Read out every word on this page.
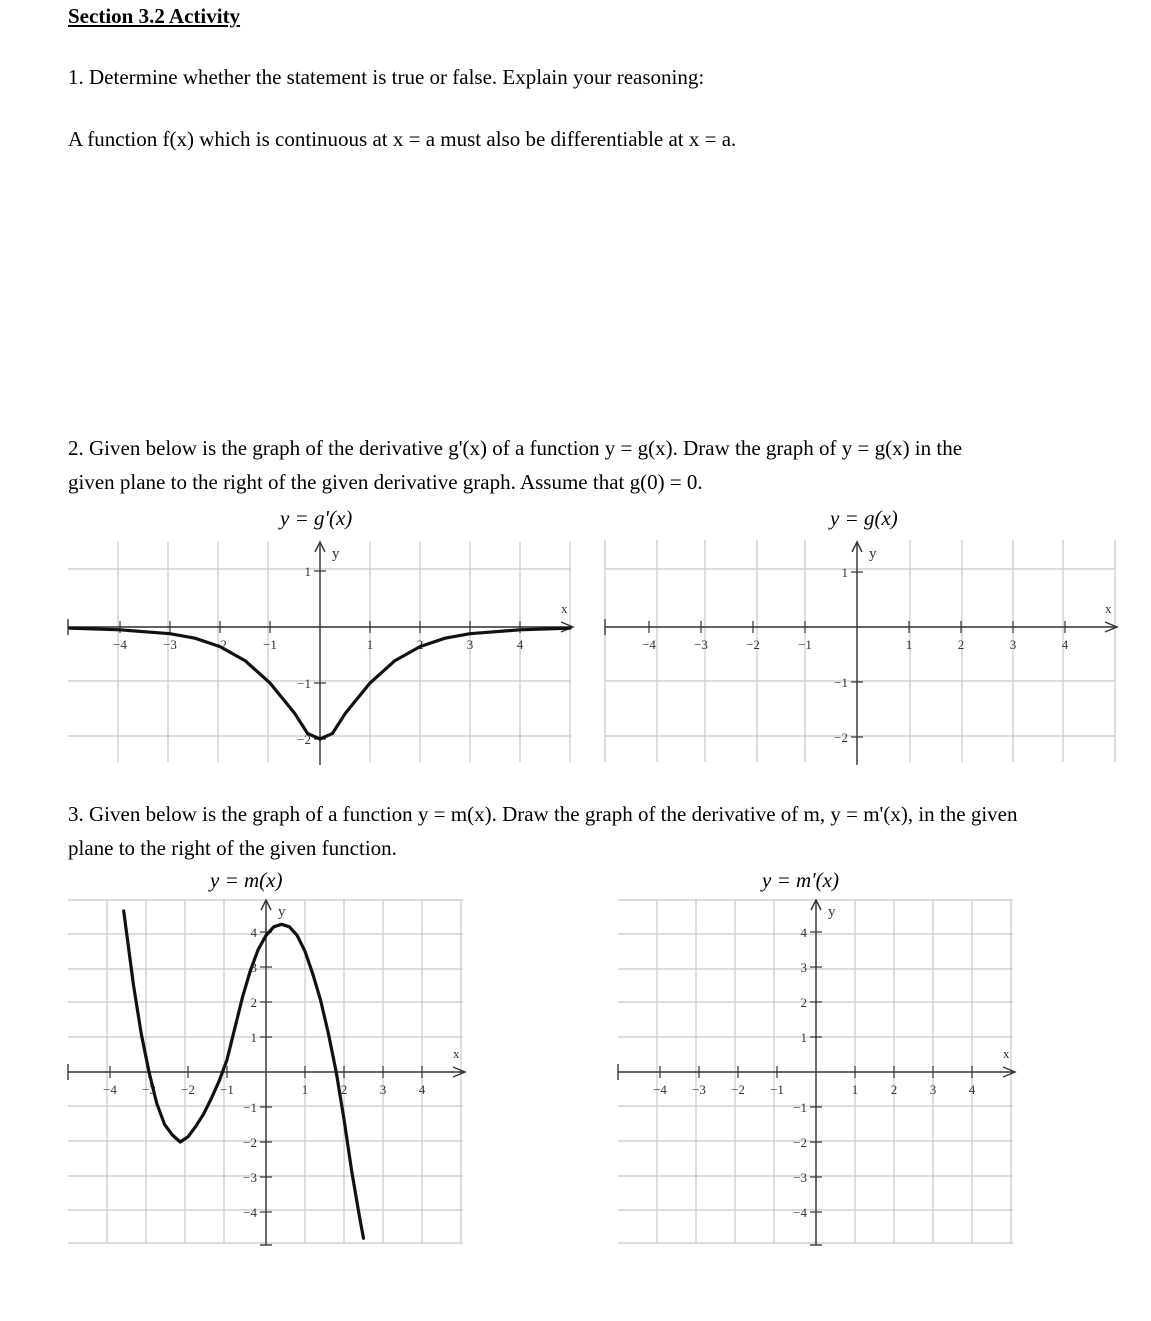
Section 3.2 Activity
1. Determine whether the statement is true or false. Explain your reasoning:
A function f(x) which is continuous at x = a must also be differentiable at x = a.
2. Given below is the graph of the derivative g'(x) of a function y = g(x). Draw the graph of y = g(x) in the
given plane to the right of the given derivative graph. Assume that g(0) = 0.
y = g'(x)	y = g(x)
x
y
−4	−3	−2	−1	1	2	3	4
1
−1
−2
x
y
−4	−3	−2	−1	1	2	3	4
1
−1
−2
3. Given below is the graph of a function y = m(x). Draw the graph of the derivative of m, y = m'(x), in the given
plane to the right of the given function.
y = m(x)	y = m'(x)
x
y
−4 −3 −2 −1	1	2	3	4
4
3
2
1
−1
−2
−3
−4
x
y
−4 −3 −2 −1	1	2	3	4
4
3
2
1
−1
−2
−3
−4
